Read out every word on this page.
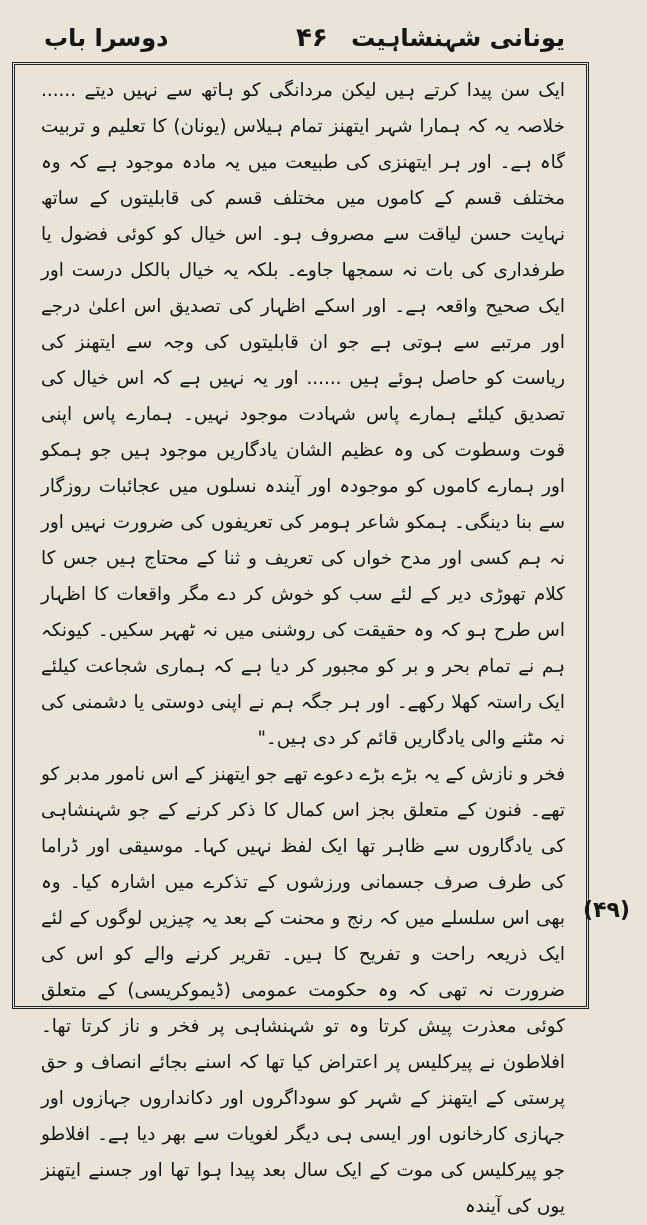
دوسرا باب	۴۶ یونانی شہنشاہیت

ایک سن پیدا کرتے ہیں لیکن مردانگی کو ہاتھ سے نہیں دیتے ...... خلاصہ یہ کہ ہمارا شہر ایتھنز تمام ہیلاس (یونان) کا تعلیم و تربیت گاہ ہے۔ اور ہر ایتھنزی کی طبیعت میں یہ مادہ موجود ہے کہ وہ مختلف قسم کے کاموں میں مختلف قسم کی قابلیتوں کے ساتھ نہایت حسن لیاقت سے مصروف ہو۔ اس خیال کو کوئی فضول یا طرفداری کی بات نہ سمجھا جاوے۔ بلکہ یہ خیال بالکل درست اور ایک صحیح واقعہ ہے۔ اور اسکے اظہار کی تصدیق اس اعلیٰ درجے اور مرتبے سے ہوتی ہے جو ان قابلیتوں کی وجہ سے ایتھنز کی ریاست کو حاصل ہوئے ہیں ...... اور یہ نہیں ہے کہ اس خیال کی تصدیق کیلئے ہمارے پاس شہادت موجود نہیں۔ ہمارے پاس اپنی قوت وسطوت کی وہ عظیم الشان یادگاریں موجود ہیں جو ہمکو اور ہمارے کاموں کو موجودہ اور آیندہ نسلوں میں عجائبات روزگار سے بنا دینگی۔ ہمکو شاعر ہومر کی تعریفوں کی ضرورت نہیں اور نہ ہم کسی اور مدح خواں کی تعریف و ثنا کے محتاج ہیں جس کا کلام تھوڑی دیر کے لئے سب کو خوش کر دے مگر واقعات کا اظہار اس طرح ہو کہ وہ حقیقت کی روشنی میں نہ ٹھہر سکیں۔ کیونکہ ہم نے تمام بحر و بر کو مجبور کر دیا ہے کہ ہماری شجاعت کیلئے ایک راستہ کھلا رکھے۔ اور ہر جگہ ہم نے اپنی دوستی یا دشمنی کی نہ مٹنے والی یادگاریں قائم کر دی ہیں۔"

فخر و نازش کے یہ بڑے بڑے دعوے تھے جو ایتھنز کے اس نامور مدبر کو تھے۔ فنون کے متعلق بجز اس کمال کا ذکر کرنے کے جو شہنشاہی کی یادگاروں سے ظاہر تھا ایک لفظ نہیں کہا۔ موسیقی اور ڈراما کی طرف صرف جسمانی ورزشوں کے تذکرے میں اشارہ کیا۔ وہ بھی اس سلسلے میں کہ رنج و محنت کے بعد یہ چیزیں لوگوں کے لئے ایک ذریعہ راحت و تفریح کا ہیں۔ تقریر کرنے والے کو اس کی ضرورت نہ تھی کہ وہ حکومت عمومی (ڈیموکریسی) کے متعلق کوئی معذرت پیش کرتا وہ تو شہنشاہی پر فخر و ناز کرتا تھا۔ افلاطون نے پیرکلیس پر اعتراض کیا تھا کہ اسنے بجائے انصاف و حق پرستی کے ایتھنز کے شہر کو سوداگروں اور دکانداروں جہازوں اور جہازی کارخانوں اور ایسی ہی دیگر لغویات سے بھر دیا ہے۔ افلاطو جو پیرکلیس کی موت کے ایک سال بعد پیدا ہوا تھا اور جسنے ایتھنز یوں کی آیندہ

(۴۹)
